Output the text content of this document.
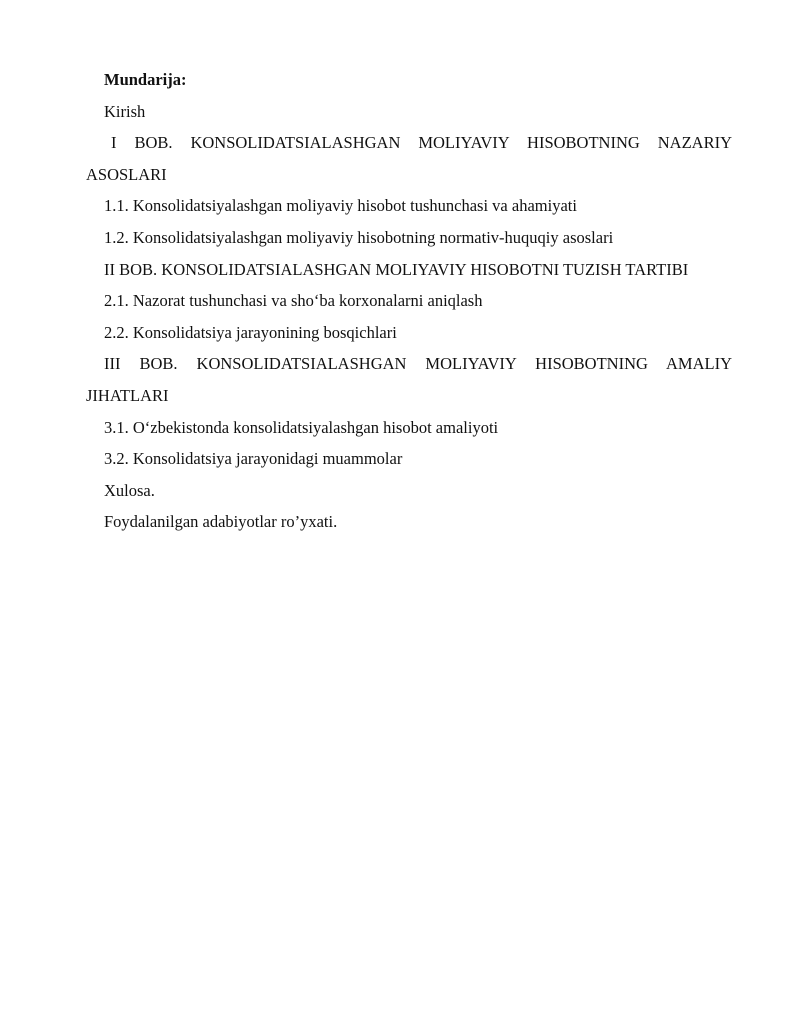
Mundarija:

Kirish

I BOB. KONSOLIDATSIALASHGAN MOLIYAVIY HISOBOTNING NAZARIY ASOSLARI

1.1. Konsolidatsiyalashgan moliyaviy hisobot tushunchasi va ahamiyati

1.2. Konsolidatsiyalashgan moliyaviy hisobotning normativ-huquqiy asoslari

II BOB. KONSOLIDATSIALASHGAN MOLIYAVIY HISOBOTNI TUZISH TARTIBI

2.1. Nazorat tushunchasi va sho‘ba korxonalarni aniqlash

2.2. Konsolidatsiya jarayonining bosqichlari

III BOB. KONSOLIDATSIALASHGAN MOLIYAVIY HISOBOTNING AMALIY JIHATLARI

3.1. O‘zbekistonda konsolidatsiyalashgan hisobot amaliyoti

3.2. Konsolidatsiya jarayonidagi muammolar

Xulosa.

Foydalanilgan adabiyotlar ro’yxati.
